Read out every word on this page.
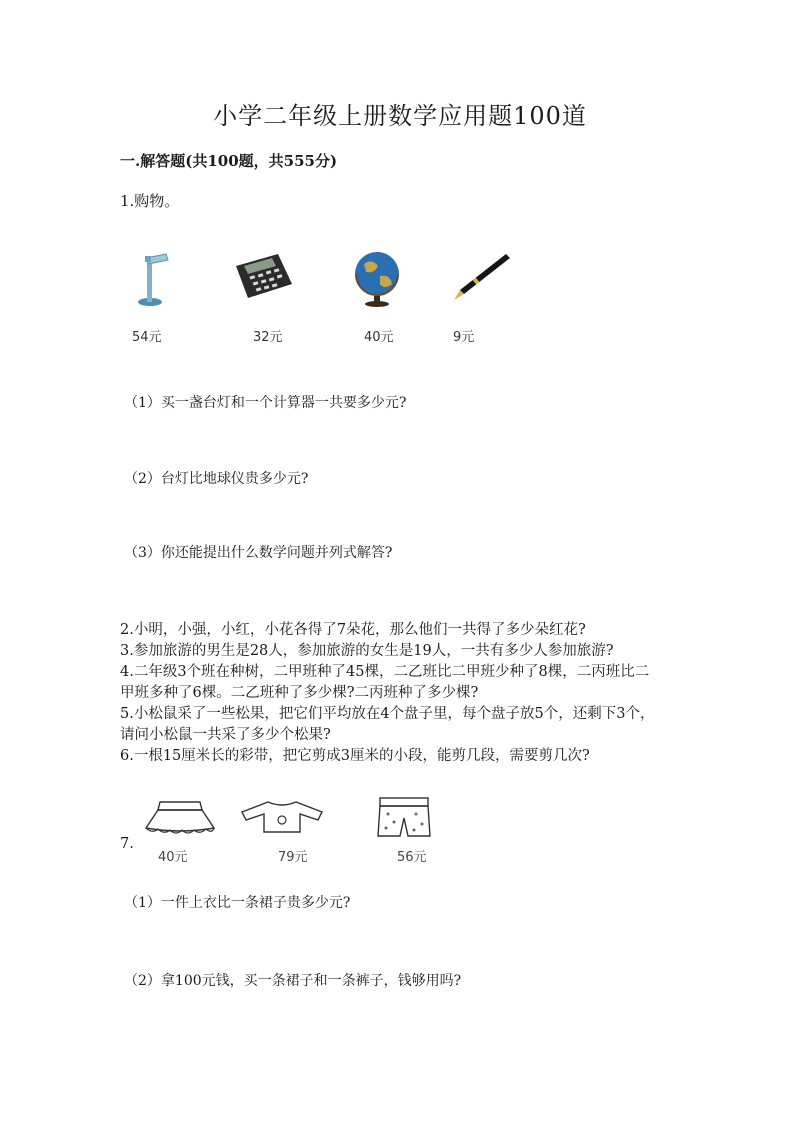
小学二年级上册数学应用题100道
一.解答题(共100题，共555分)
1.购物。
54元	32元	40元	9元
（1）买一盏台灯和一个计算器一共要多少元?
（2）台灯比地球仪贵多少元?
（3）你还能提出什么数学问题并列式解答?

2.小明，小强，小红，小花各得了7朵花，那么他们一共得了多少朵红花?

3.参加旅游的男生是28人，参加旅游的女生是19人，一共有多少人参加旅游?

4.二年级3个班在种树，二甲班种了45棵，二乙班比二甲班少种了8棵，二丙班比二甲班多种了6棵。二乙班种了多少棵?二丙班种了多少棵?

5.小松鼠采了一些松果，把它们平均放在4个盘子里，每个盘子放5个，还剩下3个，请问小松鼠一共采了多少个松果?

6.一根15厘米长的彩带，把它剪成3厘米的小段，能剪几段，需要剪几次?

7.
40元	79元	56元
（1）一件上衣比一条裙子贵多少元?
（2）拿100元钱，买一条裙子和一条裤子，钱够用吗?
